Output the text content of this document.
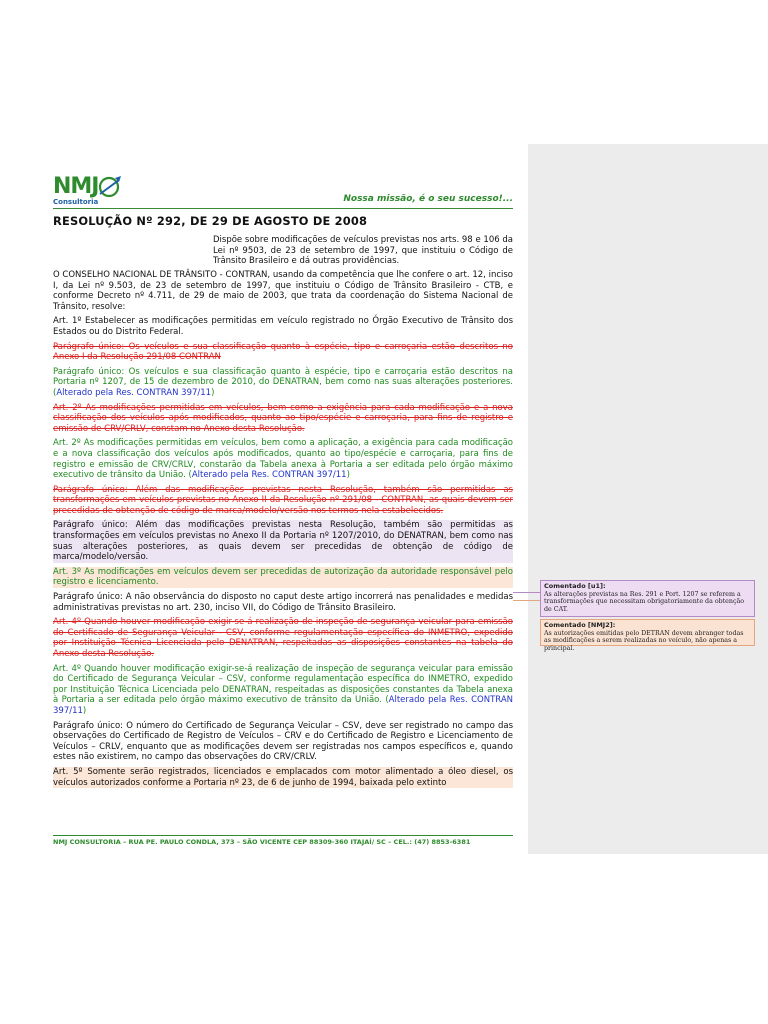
NMJ
Consultoria	Nossa missão, é o seu sucesso!...
RESOLUÇÃO Nº 292, DE 29 DE AGOSTO DE 2008
Dispõe sobre modificações de veículos previstas nos arts. 98 e 106 da Lei nº 9503, de 23 de setembro de 1997, que instituiu o Código de Trânsito Brasileiro e dá outras providências.

O CONSELHO NACIONAL DE TRÂNSITO - CONTRAN, usando da competência que lhe confere o art. 12, inciso I, da Lei nº 9.503, de 23 de setembro de 1997, que instituiu o Código de Trânsito Brasileiro - CTB, e conforme Decreto nº 4.711, de 29 de maio de 2003, que trata da coordenação do Sistema Nacional de Trânsito, resolve:

Art. 1º Estabelecer as modificações permitidas em veículo registrado no Órgão Executivo de Trânsito dos Estados ou do Distrito Federal.

Parágrafo único: Os veículos e sua classificação quanto à espécie, tipo e carroçaria estão descritos no Anexo I da Resolução 291/08 CONTRAN

Parágrafo único: Os veículos e sua classificação quanto à espécie, tipo e carroçaria estão descritos na Portaria nº 1207, de 15 de dezembro de 2010, do DENATRAN, bem como nas suas alterações posteriores. (Alterado pela Res. CONTRAN 397/11)

Art. 2º As modificações permitidas em veículos, bem como a exigência para cada modificação e a nova classificação dos veículos após modificados, quanto ao tipo/espécie e carroçaria, para fins de registro e emissão de CRV/CRLV, constam no Anexo desta Resolução.

Art. 2º As modificações permitidas em veículos, bem como a aplicação, a exigência para cada modificação e a nova classificação dos veículos após modificados, quanto ao tipo/espécie e carroçaria, para fins de registro e emissão de CRV/CRLV, constarão da Tabela anexa à Portaria a ser editada pelo órgão máximo executivo de trânsito da União. (Alterado pela Res. CONTRAN 397/11)

Parágrafo único: Além das modificações previstas nesta Resolução, também são permitidas as transformações em veículos previstas no Anexo II da Resolução nº 291/08 - CONTRAN, as quais devem ser precedidas de obtenção de código de marca/modelo/versão nos termos nela estabelecidos.

Parágrafo único: Além das modificações previstas nesta Resolução, também são permitidas as transformações em veículos previstas no Anexo II da Portaria nº 1207/2010, do DENATRAN, bem como nas suas alterações posteriores, as quais devem ser precedidas de obtenção de código de marca/modelo/versão.

Art. 3º As modificações em veículos devem ser precedidas de autorização da autoridade responsável pelo registro e licenciamento.

Parágrafo único: A não observância do disposto no caput deste artigo incorrerá nas penalidades e medidas administrativas previstas no art. 230, inciso VII, do Código de Trânsito Brasileiro.

Art. 4º Quando houver modificação exigir-se-á realização de inspeção de segurança veicular para emissão do Certificado de Segurança Veicular - CSV, conforme regulamentação específica do INMETRO, expedido por Instituição Técnica Licenciada pelo DENATRAN, respeitadas as disposições constantes na tabela do Anexo desta Resolução.

Art. 4º Quando houver modificação exigir-se-á realização de inspeção de segurança veicular para emissão do Certificado de Segurança Veicular – CSV, conforme regulamentação específica do INMETRO, expedido por Instituição Técnica Licenciada pelo DENATRAN, respeitadas as disposições constantes da Tabela anexa à Portaria a ser editada pelo órgão máximo executivo de trânsito da União. (Alterado pela Res. CONTRAN 397/11)

Parágrafo único: O número do Certificado de Segurança Veicular – CSV, deve ser registrado no campo das observações do Certificado de Registro de Veículos – CRV e do Certificado de Registro e Licenciamento de Veículos – CRLV, enquanto que as modificações devem ser registradas nos campos específicos e, quando estes não existirem, no campo das observações do CRV/CRLV.

Art. 5º Somente serão registrados, licenciados e emplacados com motor alimentado a óleo diesel, os veículos autorizados conforme a Portaria nº 23, de 6 de junho de 1994, baixada pelo extinto

NMJ CONSULTORIA – RUA PE. PAULO CONDLA, 373 – SÃO VICENTE CEP 88309-360 ITAJAÍ/ SC – CEL.: (47) 8853-6381
Comentado [u1]:
As alterações previstas na Res. 291 e Port. 1207 se referem a transformações que necessitam obrigatoriamente da obtenção de CAT.
Comentado [NMJ2]:
As autorizações emitidas pelo DETRAN devem abranger todas as modificações a serem realizadas no veículo, não apenas a principal.
